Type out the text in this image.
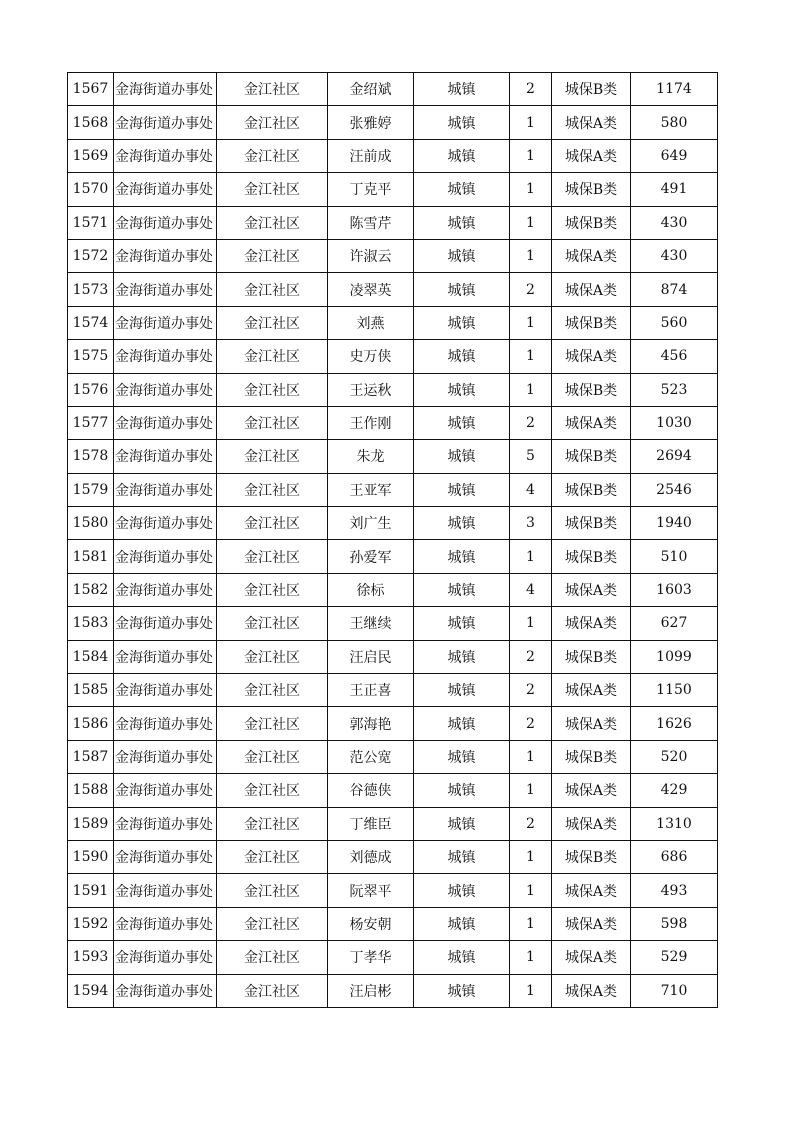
1567	金海街道办事处	金江社区	金绍斌	城镇	2	城保B类	1174
1568	金海街道办事处	金江社区	张雅婷	城镇	1	城保A类	580
1569	金海街道办事处	金江社区	汪前成	城镇	1	城保A类	649
1570	金海街道办事处	金江社区	丁克平	城镇	1	城保B类	491
1571	金海街道办事处	金江社区	陈雪芹	城镇	1	城保B类	430
1572	金海街道办事处	金江社区	许淑云	城镇	1	城保A类	430
1573	金海街道办事处	金江社区	凌翠英	城镇	2	城保A类	874
1574	金海街道办事处	金江社区	刘燕	城镇	1	城保B类	560
1575	金海街道办事处	金江社区	史万侠	城镇	1	城保A类	456
1576	金海街道办事处	金江社区	王运秋	城镇	1	城保B类	523
1577	金海街道办事处	金江社区	王作刚	城镇	2	城保A类	1030
1578	金海街道办事处	金江社区	朱龙	城镇	5	城保B类	2694
1579	金海街道办事处	金江社区	王亚军	城镇	4	城保B类	2546
1580	金海街道办事处	金江社区	刘广生	城镇	3	城保B类	1940
1581	金海街道办事处	金江社区	孙爱军	城镇	1	城保B类	510
1582	金海街道办事处	金江社区	徐标	城镇	4	城保A类	1603
1583	金海街道办事处	金江社区	王继续	城镇	1	城保A类	627
1584	金海街道办事处	金江社区	汪启民	城镇	2	城保B类	1099
1585	金海街道办事处	金江社区	王正喜	城镇	2	城保A类	1150
1586	金海街道办事处	金江社区	郭海艳	城镇	2	城保A类	1626
1587	金海街道办事处	金江社区	范公宽	城镇	1	城保B类	520
1588	金海街道办事处	金江社区	谷德侠	城镇	1	城保A类	429
1589	金海街道办事处	金江社区	丁维臣	城镇	2	城保A类	1310
1590	金海街道办事处	金江社区	刘德成	城镇	1	城保B类	686
1591	金海街道办事处	金江社区	阮翠平	城镇	1	城保A类	493
1592	金海街道办事处	金江社区	杨安朝	城镇	1	城保A类	598
1593	金海街道办事处	金江社区	丁孝华	城镇	1	城保A类	529
1594	金海街道办事处	金江社区	汪启彬	城镇	1	城保A类	710
